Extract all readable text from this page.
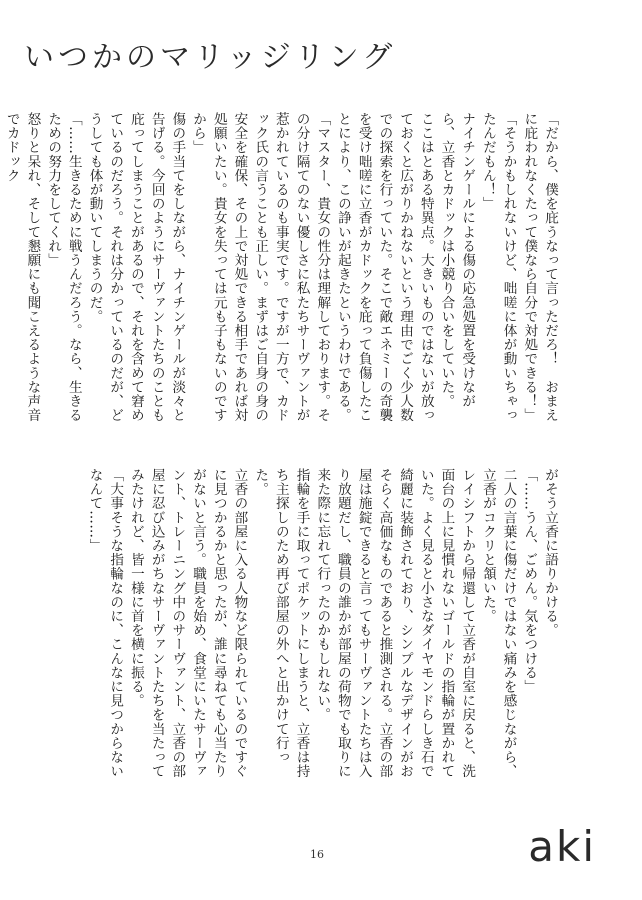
いつかのマリッジリング
「だから、僕を庇うなって言っただろ！　おまえに庇われなくたって僕なら自分で対処できる！」
「そうかもしれないけど、咄嗟に体が動いちゃったんだもん！」
ナイチンゲールによる傷の応急処置を受けながら、立香とカドックは小競り合いをしていた。
ここはとある特異点。大きいものではないが放っておくと広がりかねないという理由でごく少人数での探索を行っていた。そこで敵エネミーの奇襲を受け咄嗟に立香がカドックを庇って負傷したことにより、この諍いが起きたというわけである。
「マスター、貴女の性分は理解しております。その分け隔てのない優しさに私たちサーヴァントが惹かれているのも事実です。ですが一方で、カドック氏の言うことも正しい。まずはご自身の身の安全を確保、その上で対処できる相手であれば対処願いたい。貴女を失っては元も子もないのですから」
傷の手当てをしながら、ナイチンゲールが淡々と告げる。今回のようにサーヴァントたちのことも庇ってしまうことがあるので、それを含めて窘めているのだろう。それは分かっているのだが、どうしても体が動いてしまうのだ。
「……生きるために戦うんだろう。なら、生きるための努力をしてくれ」
怒りと呆れ、そして懇願にも聞こえるような声音でカドック
がそう立香に語りかける。
「……うん、ごめん。気をつける」
二人の言葉に傷だけではない痛みを感じながら、立香がコクリと頷いた。
レイシフトから帰還して立香が自室に戻ると、洗面台の上に見慣れないゴールドの指輪が置かれていた。よく見ると小さなダイヤモンドらしき石で綺麗に装飾されており、シンプルなデザインがおそらく高価なものであると推測される。立香の部屋は施錠できると言ってもサーヴァントたちは入り放題だし、職員の誰かが部屋の荷物でも取りに来た際に忘れて行ったのかもしれない。
指輪を手に取ってポケットにしまうと、立香は持ち主探しのため再び部屋の外へと出かけて行った。
立香の部屋に入る人物など限られているのですぐに見つかるかと思ったが、誰に尋ねても心当たりがないと言う。職員を始め、食堂にいたサーヴァント、トレーニング中のサーヴァント、立香の部屋に忍び込みがちなサーヴァントたちを当たってみたけれど、皆一様に首を横に振る。
「大事そうな指輪なのに、こんなに見つからないなんて……」
16	aki
